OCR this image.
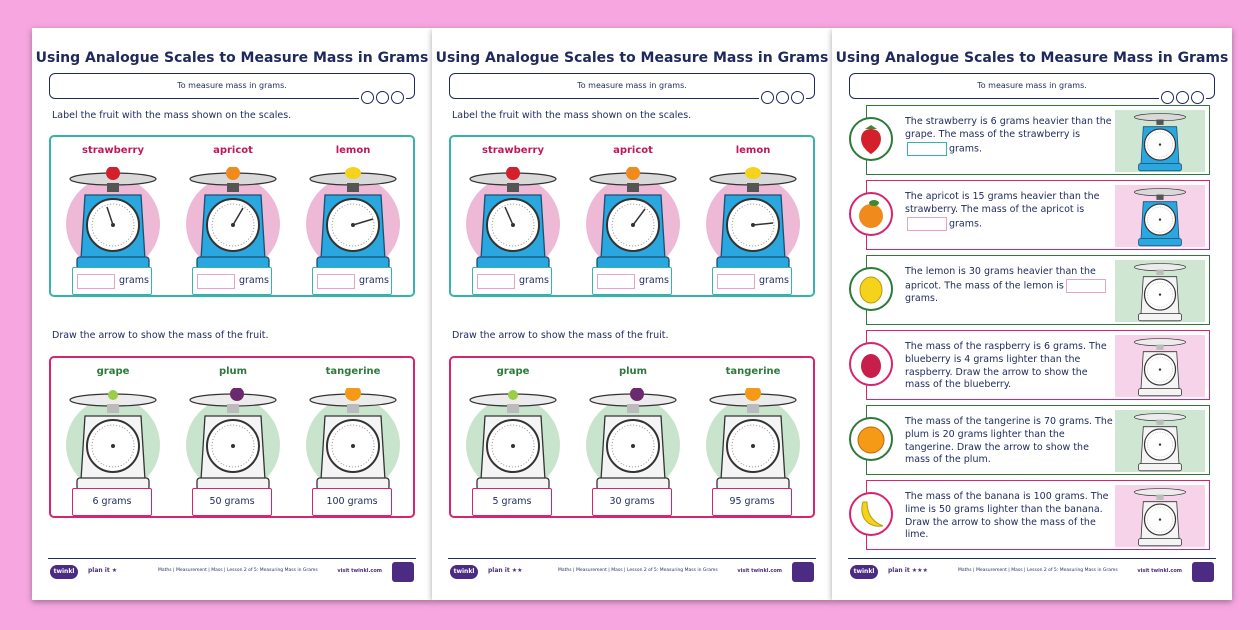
Using Analogue Scales to Measure Mass in Grams
To measure mass in grams.
Label the fruit with the mass shown on the scales.
strawberry
grams
apricot
grams
lemon
grams
Draw the arrow to show the mass of the fruit.
grape
6 grams
plum
50 grams
tangerine
100 grams
twinkl	plan it ★	Maths | Measurement | Mass | Lesson 2 of 5: Measuring Mass in Grams	visit twinkl.com
Using Analogue Scales to Measure Mass in Grams
To measure mass in grams.
Label the fruit with the mass shown on the scales.
strawberry
grams
apricot
grams
lemon
grams
Draw the arrow to show the mass of the fruit.
grape
5 grams
plum
30 grams
tangerine
95 grams
twinkl	plan it ★★	Maths | Measurement | Mass | Lesson 2 of 5: Measuring Mass in Grams	visit twinkl.com
Using Analogue Scales to Measure Mass in Grams
To measure mass in grams.
The strawberry is 6 grams heavier than the grape. The mass of the strawberry isgrams.
The apricot is 15 grams heavier than the strawberry. The mass of the apricot isgrams.
The lemon is 30 grams heavier than the apricot. The mass of the lemon isgrams.
The mass of the raspberry is 6 grams. The blueberry is 4 grams lighter than the raspberry. Draw the arrow to show the mass of the blueberry.
The mass of the tangerine is 70 grams. The plum is 20 grams lighter than the tangerine. Draw the arrow to show the mass of the plum.
The mass of the banana is 100 grams. The lime is 50 grams lighter than the banana. Draw the arrow to show the mass of the lime.
twinkl	plan it ★★★	Maths | Measurement | Mass | Lesson 2 of 5: Measuring Mass in Grams	visit twinkl.com
